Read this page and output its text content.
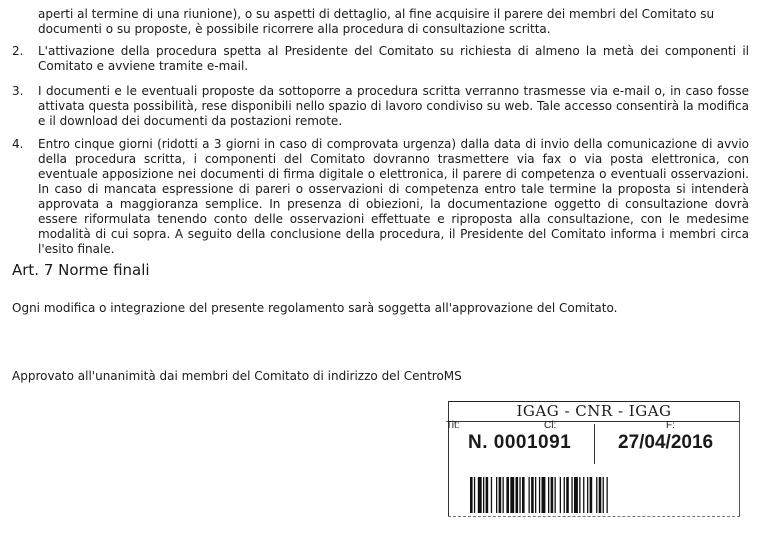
aperti al termine di una riunione), o su aspetti di dettaglio, al fine acquisire il parere dei membri del Comitato su
documenti o su proposte, è possibile ricorrere alla procedura di consultazione scritta.
2.	L'attivazione della procedura spetta al Presidente del Comitato su richiesta di almeno la metà dei componenti il Comitato e avviene tramite e-mail.
3.	I documenti e le eventuali proposte da sottoporre a procedura scritta verranno trasmesse via e-mail o, in caso fosse attivata questa possibilità, rese disponibili nello spazio di lavoro condiviso su web. Tale accesso consentirà la modifica e il download dei documenti da postazioni remote.
4.	Entro cinque giorni (ridotti a 3 giorni in caso di comprovata urgenza) dalla data di invio della comunicazione di avvio della procedura scritta, i componenti del Comitato dovranno trasmettere via fax o via posta elettronica, con eventuale apposizione nei documenti di firma digitale o elettronica, il parere di competenza o eventuali osservazioni. In caso di mancata espressione di pareri o osservazioni di competenza entro tale termine la proposta si intenderà approvata a maggioranza semplice. In presenza di obiezioni, la documentazione oggetto di consultazione dovrà essere riformulata tenendo conto delle osservazioni effettuate e riproposta alla consultazione, con le medesime modalità di cui sopra. A seguito della conclusione della procedura, il Presidente del Comitato informa i membri circa l'esito finale.
Art. 7 Norme finali
Ogni modifica o integrazione del presente regolamento sarà soggetta all'approvazione del Comitato.
Approvato all'unanimità dai membri del Comitato di indirizzo del CentroMS
IGAG - CNR - IGAG
Tit:	Cl:	F:
N. 0001091 27/04/2016
